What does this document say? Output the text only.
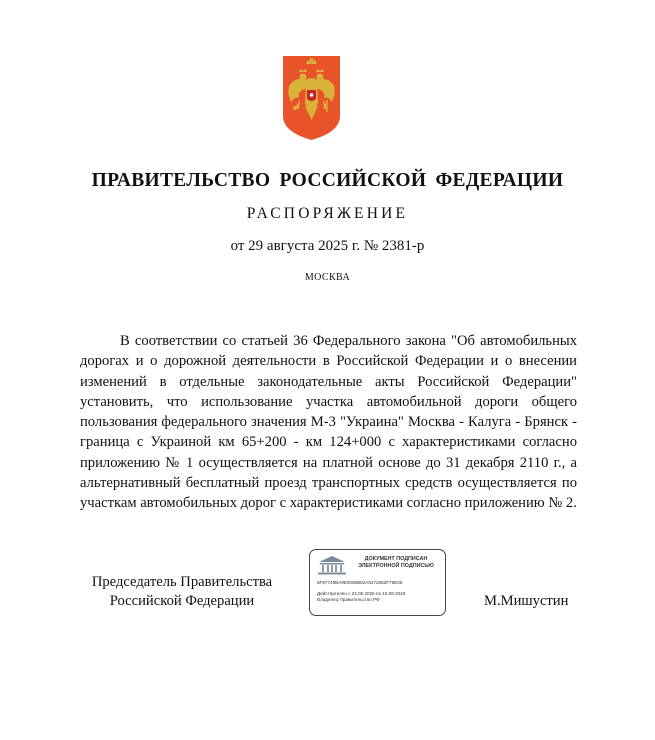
ПРАВИТЕЛЬСТВО РОССИЙСКОЙ ФЕДЕРАЦИИ
РАСПОРЯЖЕНИЕ
от 29 августа 2025 г. № 2381-р
МОСКВА
В соответствии со статьей 36 Федерального закона "Об автомобильных дорогах и о дорожной деятельности в Российской Федерации и о внесении изменений в отдельные законодательные акты Российской Федерации" установить, что использование участка автомобильной дороги общего пользования федерального значения М-3 "Украина" Москва - Калуга - Брянск - граница с Украиной км 65+200 - км 124+000 с характеристиками согласно приложению № 1 осуществляется на платной основе до 31 декабря 2110 г., а альтернативный бесплатный проезд транспортных средств осуществляется по участкам автомобильных дорог с характеристиками согласно приложению № 2.
Председатель Правительства
Российской Федерации
ДОКУМЕНТ ПОДПИСАН
ЭЛЕКТРОННОЙ ПОДПИСЬЮ
6F87749BA9E0088B82A6472882F79E05
Действителен с 22.05.2025 по 15.08.2026
Владелец Правительство РФ	М.Мишустин
